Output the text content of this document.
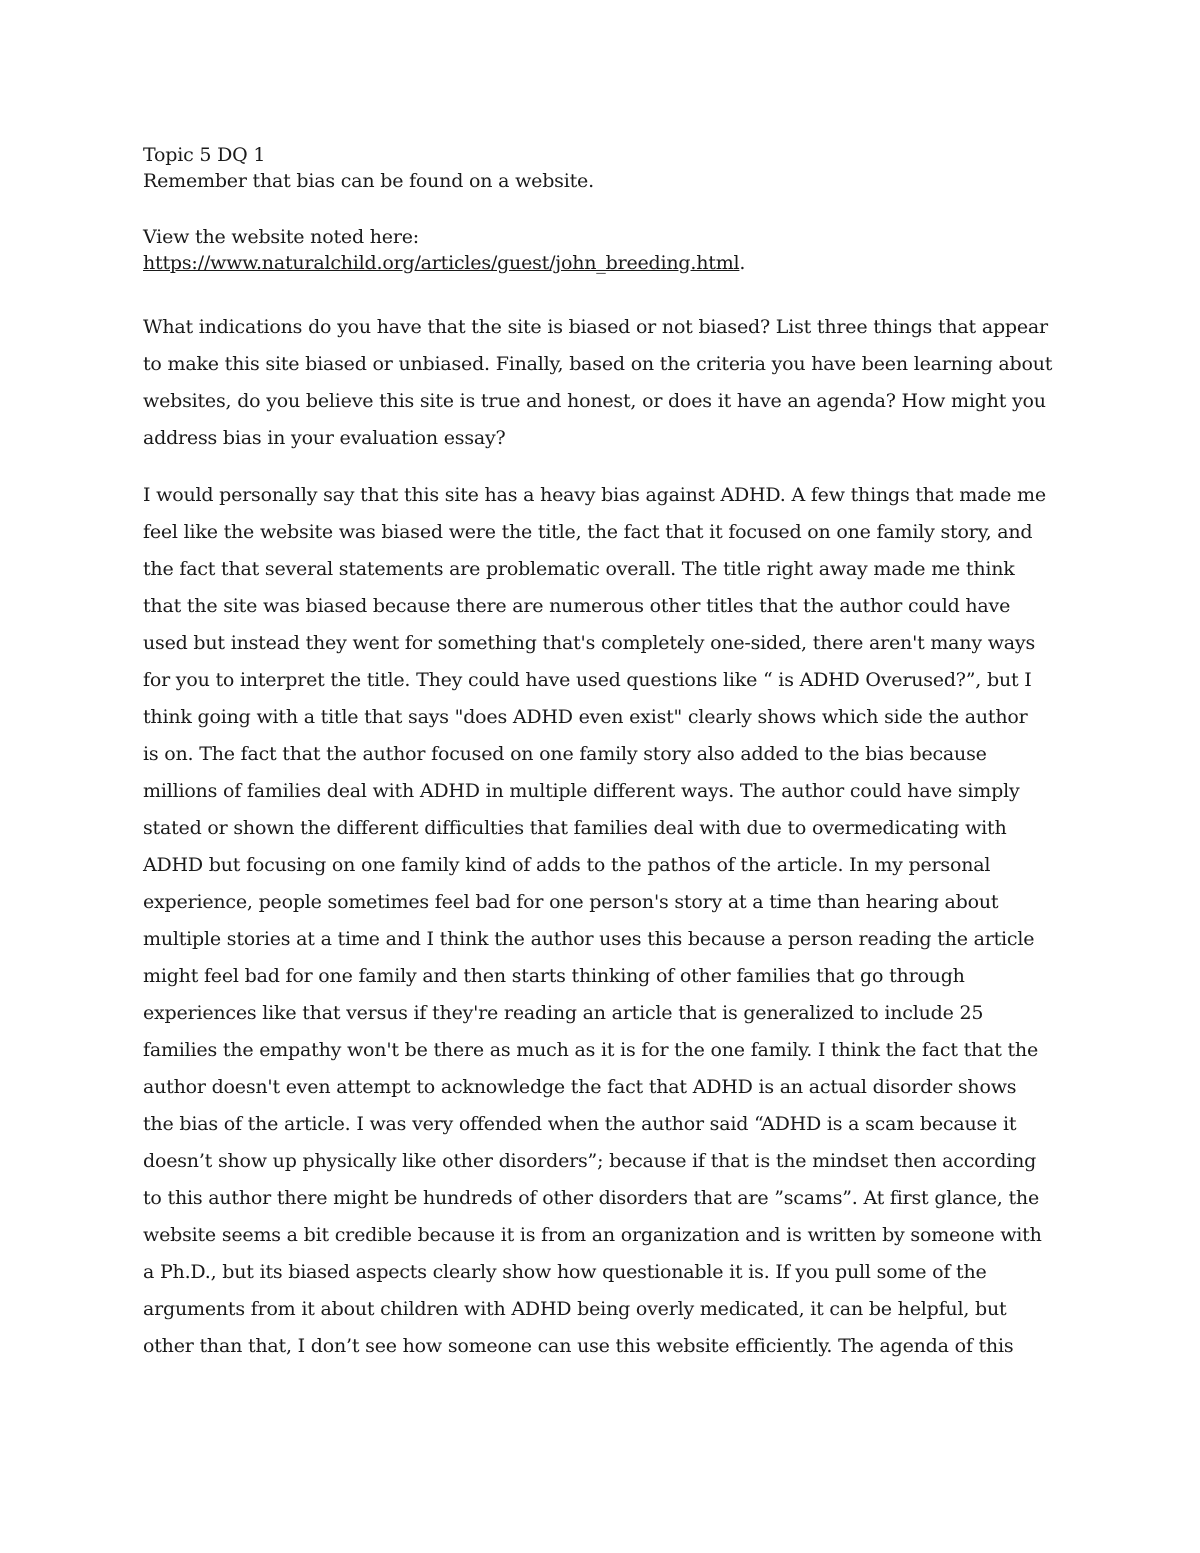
Topic 5 DQ 1
Remember that bias can be found on a website.
View the website noted here:
https://www.naturalchild.org/articles/guest/john_breeding.html.
What indications do you have that the site is biased or not biased? List three things that appear
to make this site biased or unbiased. Finally, based on the criteria you have been learning about
websites, do you believe this site is true and honest, or does it have an agenda? How might you
address bias in your evaluation essay?
I would personally say that this site has a heavy bias against ADHD. A few things that made me
feel like the website was biased were the title, the fact that it focused on one family story, and
the fact that several statements are problematic overall. The title right away made me think
that the site was biased because there are numerous other titles that the author could have
used but instead they went for something that's completely one-sided, there aren't many ways
for you to interpret the title. They could have used questions like “ is ADHD Overused?”, but I
think going with a title that says "does ADHD even exist" clearly shows which side the author
is on. The fact that the author focused on one family story also added to the bias because
millions of families deal with ADHD in multiple different ways. The author could have simply
stated or shown the different difficulties that families deal with due to overmedicating with
ADHD but focusing on one family kind of adds to the pathos of the article. In my personal
experience, people sometimes feel bad for one person's story at a time than hearing about
multiple stories at a time and I think the author uses this because a person reading the article
might feel bad for one family and then starts thinking of other families that go through
experiences like that versus if they're reading an article that is generalized to include 25
families the empathy won't be there as much as it is for the one family. I think the fact that the
author doesn't even attempt to acknowledge the fact that ADHD is an actual disorder shows
the bias of the article. I was very offended when the author said “ADHD is a scam because it
doesn’t show up physically like other disorders”; because if that is the mindset then according
to this author there might be hundreds of other disorders that are ”scams”. At first glance, the
website seems a bit credible because it is from an organization and is written by someone with
a Ph.D., but its biased aspects clearly show how questionable it is. If you pull some of the
arguments from it about children with ADHD being overly medicated, it can be helpful, but
other than that, I don’t see how someone can use this website efficiently. The agenda of this
